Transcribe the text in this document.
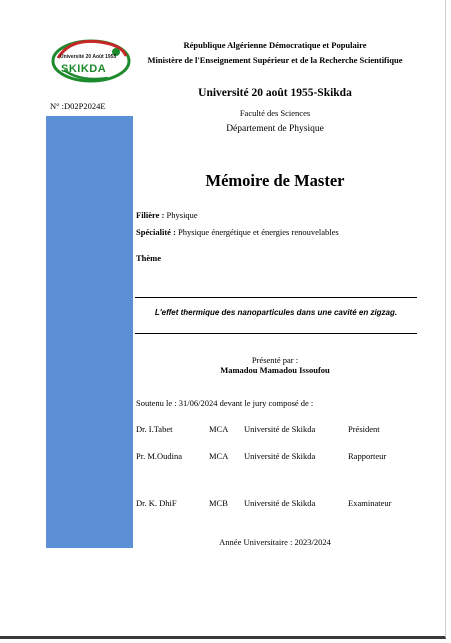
Université 20 Août 1955
SKIKDA
République Algérienne Démocratique et Populaire
Ministère de l'Enseignement Supérieur et de la Recherche Scientifique
Université 20 août 1955-Skikda
Faculté des Sciences
Département de Physique
N° :D02P2024E
Mémoire de Master
Filière : Physique
Spécialité : Physique énergétique et énergies renouvelables
Thème
L'effet thermique des nanoparticules dans une cavité en zigzag.
Présenté par :
Mamadou Mamadou Issoufou
Soutenu le : 31/06/2024 devant le jury composé de :
Dr. I.Tabet	MCA Université de Skikda	Président
Pr. M.Oudina	MCA Université de Skikda	Rapporteur
Dr. K. DhiF	MCB Université de Skikda	Examinateur
Année Universitaire : 2023/2024
